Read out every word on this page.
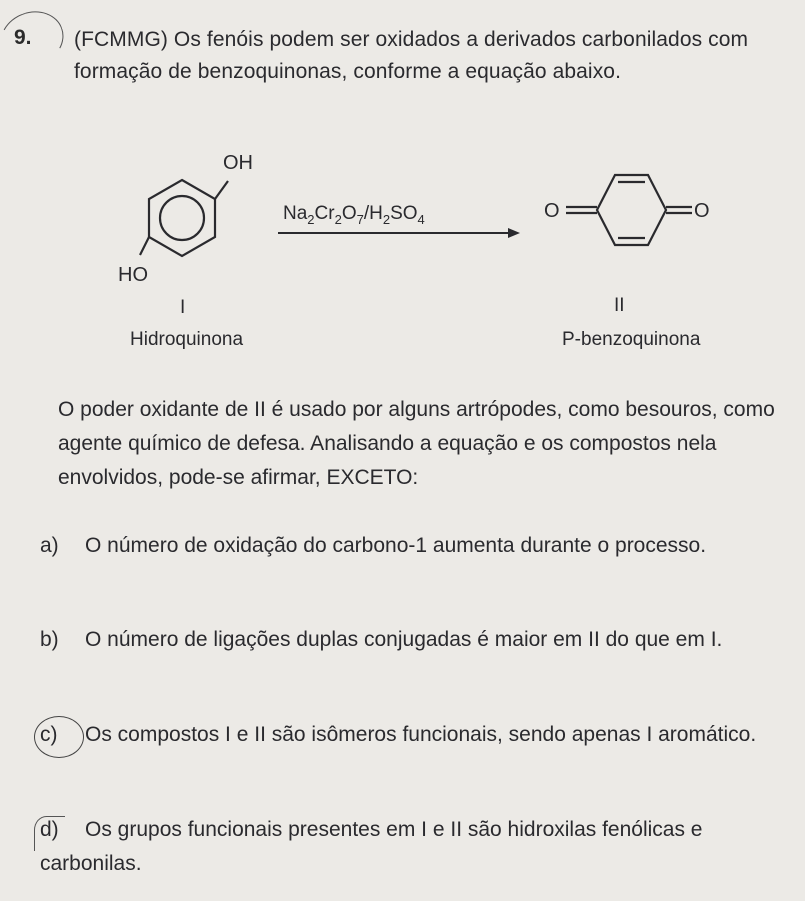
9. (FCMMG) Os fenóis podem ser oxidados a derivados carbonilados com formação de benzoquinonas, conforme a equação abaixo.
OH
HO
I
Hidroquinona
$Na_2Cr_2O_7/H_2SO_4$	O	O
II
P-benzoquinona
O poder oxidante de II é usado por alguns artrópodes, como besouros, como agente químico de defesa. Analisando a equação e os compostos nela envolvidos, pode-se afirmar, EXCETO:
a) O número de oxidação do carbono-1 aumenta durante o processo.
b) O número de ligações duplas conjugadas é maior em II do que em I.
c) Os compostos I e II são isômeros funcionais, sendo apenas I aromático.
d) Os grupos funcionais presentes em I e II são hidroxilas fenólicas e carbonilas.
